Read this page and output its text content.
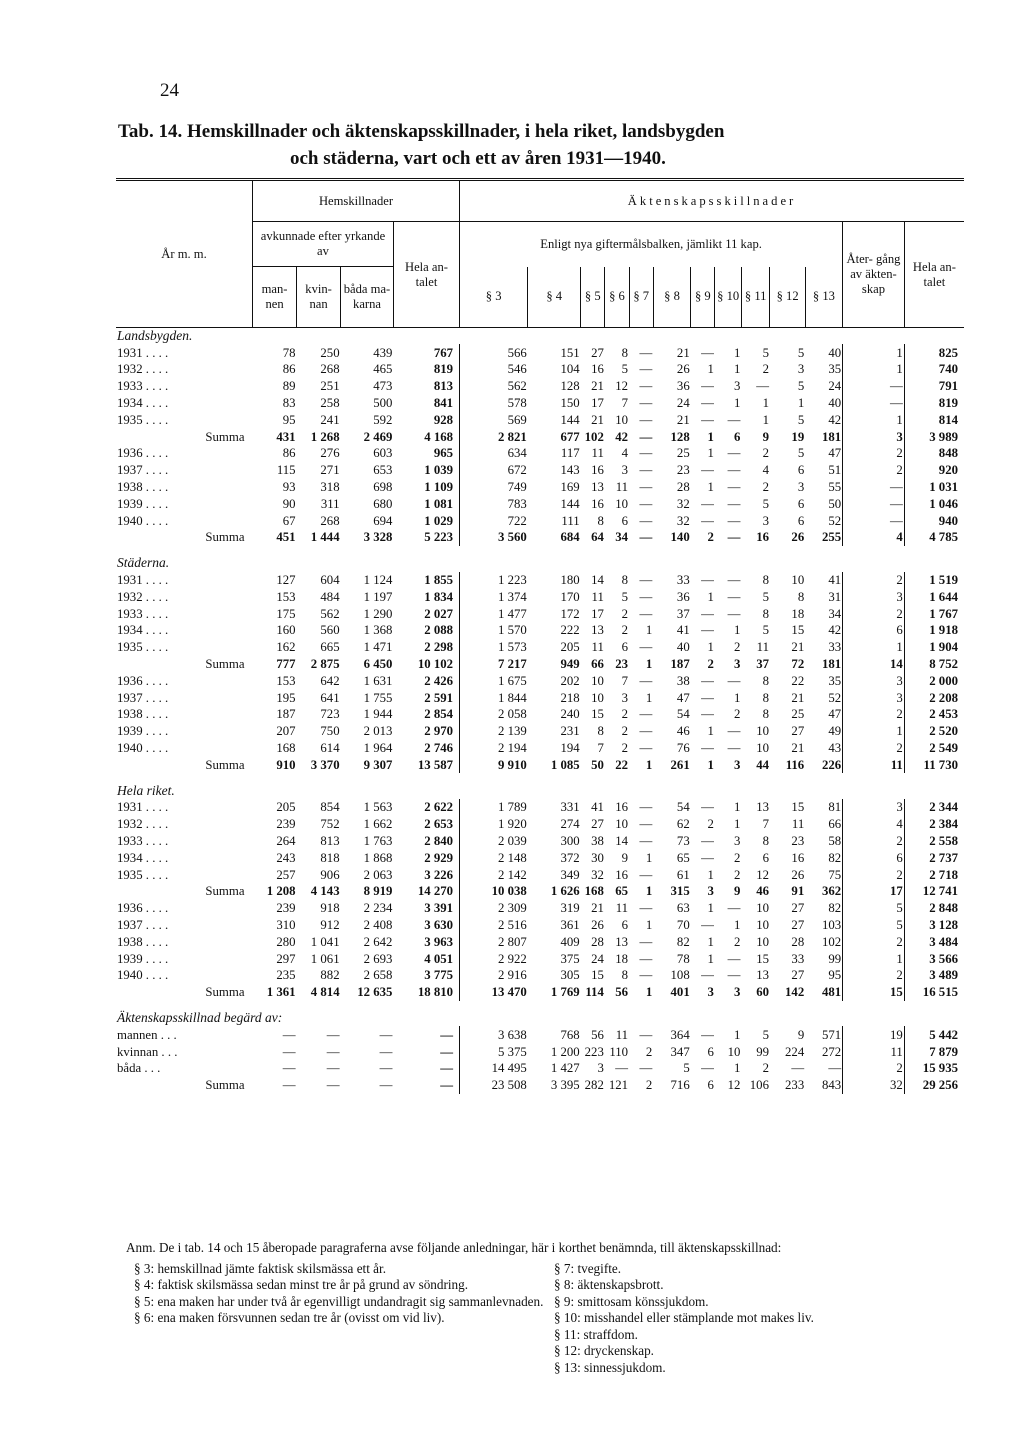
24
Tab. 14. Hemskillnader och äktenskapsskillnader, i hela riket, landsbygden
och städerna, vart och ett av åren 1931—1940.
År m. m.	Hemskillnader				Äktenskapsskillnader												
	avkunnade efter yrkande av			Hela an- talet	Enligt nya giftermålsbalken, jämlikt 11 kap.											Åter- gång av äkten- skap	Hela an- talet
	man- nen	kvin- nan	båda ma- karna		§ 3	§ 4	§ 5	§ 6	§ 7	§ 8	§ 9	§ 10	§ 11	§ 12	§ 13		
Landsbygden.																	
1931 . . . .	78	250	439	767	566	151	27	8	—	21	—	1	5	5	40	1	825
1932 . . . .	86	268	465	819	546	104	16	5	—	26	1	1	2	3	35	1	740
1933 . . . .	89	251	473	813	562	128	21	12	—	36	—	3	—	5	24	—	791
1934 . . . .	83	258	500	841	578	150	17	7	—	24	—	1	1	1	40	—	819
1935 . . . .	95	241	592	928	569	144	21	10	—	21	—	—	1	5	42	1	814
Summa	431	1 268	2 469	4 168	2 821	677	102	42	—	128	1	6	9	19	181	3	3 989
1936 . . . .	86	276	603	965	634	117	11	4	—	25	1	—	2	5	47	2	848
1937 . . . .	115	271	653	1 039	672	143	16	3	—	23	—	—	4	6	51	2	920
1938 . . . .	93	318	698	1 109	749	169	13	11	—	28	1	—	2	3	55	—	1 031
1939 . . . .	90	311	680	1 081	783	144	16	10	—	32	—	—	5	6	50	—	1 046
1940 . . . .	67	268	694	1 029	722	111	8	6	—	32	—	—	3	6	52	—	940
Summa	451	1 444	3 328	5 223	3 560	684	64	34	—	140	2	—	16	26	255	4	4 785

Städerna.																	
1931 . . . .	127	604	1 124	1 855	1 223	180	14	8	—	33	—	—	8	10	41	2	1 519
1932 . . . .	153	484	1 197	1 834	1 374	170	11	5	—	36	1	—	5	8	31	3	1 644
1933 . . . .	175	562	1 290	2 027	1 477	172	17	2	—	37	—	—	8	18	34	2	1 767
1934 . . . .	160	560	1 368	2 088	1 570	222	13	2	1	41	—	1	5	15	42	6	1 918
1935 . . . .	162	665	1 471	2 298	1 573	205	11	6	—	40	1	2	11	21	33	1	1 904
Summa	777	2 875	6 450	10 102	7 217	949	66	23	1	187	2	3	37	72	181	14	8 752
1936 . . . .	153	642	1 631	2 426	1 675	202	10	7	—	38	—	—	8	22	35	3	2 000
1937 . . . .	195	641	1 755	2 591	1 844	218	10	3	1	47	—	1	8	21	52	3	2 208
1938 . . . .	187	723	1 944	2 854	2 058	240	15	2	—	54	—	2	8	25	47	2	2 453
1939 . . . .	207	750	2 013	2 970	2 139	231	8	2	—	46	1	—	10	27	49	1	2 520
1940 . . . .	168	614	1 964	2 746	2 194	194	7	2	—	76	—	—	10	21	43	2	2 549
Summa	910	3 370	9 307	13 587	9 910	1 085	50	22	1	261	1	3	44	116	226	11	11 730

Hela riket.																	
1931 . . . .	205	854	1 563	2 622	1 789	331	41	16	—	54	—	1	13	15	81	3	2 344
1932 . . . .	239	752	1 662	2 653	1 920	274	27	10	—	62	2	1	7	11	66	4	2 384
1933 . . . .	264	813	1 763	2 840	2 039	300	38	14	—	73	—	3	8	23	58	2	2 558
1934 . . . .	243	818	1 868	2 929	2 148	372	30	9	1	65	—	2	6	16	82	6	2 737
1935 . . . .	257	906	2 063	3 226	2 142	349	32	16	—	61	1	2	12	26	75	2	2 718
Summa	1 208	4 143	8 919	14 270	10 038	1 626	168	65	1	315	3	9	46	91	362	17	12 741
1936 . . . .	239	918	2 234	3 391	2 309	319	21	11	—	63	1	—	10	27	82	5	2 848
1937 . . . .	310	912	2 408	3 630	2 516	361	26	6	1	70	—	1	10	27	103	5	3 128
1938 . . . .	280	1 041	2 642	3 963	2 807	409	28	13	—	82	1	2	10	28	102	2	3 484
1939 . . . .	297	1 061	2 693	4 051	2 922	375	24	18	—	78	1	—	15	33	99	1	3 566
1940 . . . .	235	882	2 658	3 775	2 916	305	15	8	—	108	—	—	13	27	95	2	3 489
Summa	1 361	4 814	12 635	18 810	13 470	1 769	114	56	1	401	3	3	60	142	481	15	16 515

Äktenskapsskillnad begärd av:																	
mannen . . .	—	—	—	—	3 638	768	56	11	—	364	—	1	5	9	571	19	5 442
kvinnan . . .	—	—	—	—	5 375	1 200	223	110	2	347	6	10	99	224	272	11	7 879
båda . . .	—	—	—	—	14 495	1 427	3	—	—	5	—	1	2	—	—	2	15 935
Summa	—	—	—	—	23 508	3 395	282	121	2	716	6	12	106	233	843	32	29 256
Anm. De i tab. 14 och 15 åberopade paragraferna avse följande anledningar, här i korthet benämnda, till äktenskapsskillnad:
§ 3: hemskillnad jämte faktisk skilsmässa ett år.
§ 4: faktisk skilsmässa sedan minst tre år på grund av söndring.
§ 5: ena maken har under två år egenvilligt undandragit sig sammanlevnaden.
§ 6: ena maken försvunnen sedan tre år (ovisst om vid liv).
§ 7: tvegifte.
§ 8: äktenskapsbrott.
§ 9: smittosam könssjukdom.
§ 10: misshandel eller stämplande mot makes liv.
§ 11: straffdom.
§ 12: dryckenskap.
§ 13: sinnessjukdom.
